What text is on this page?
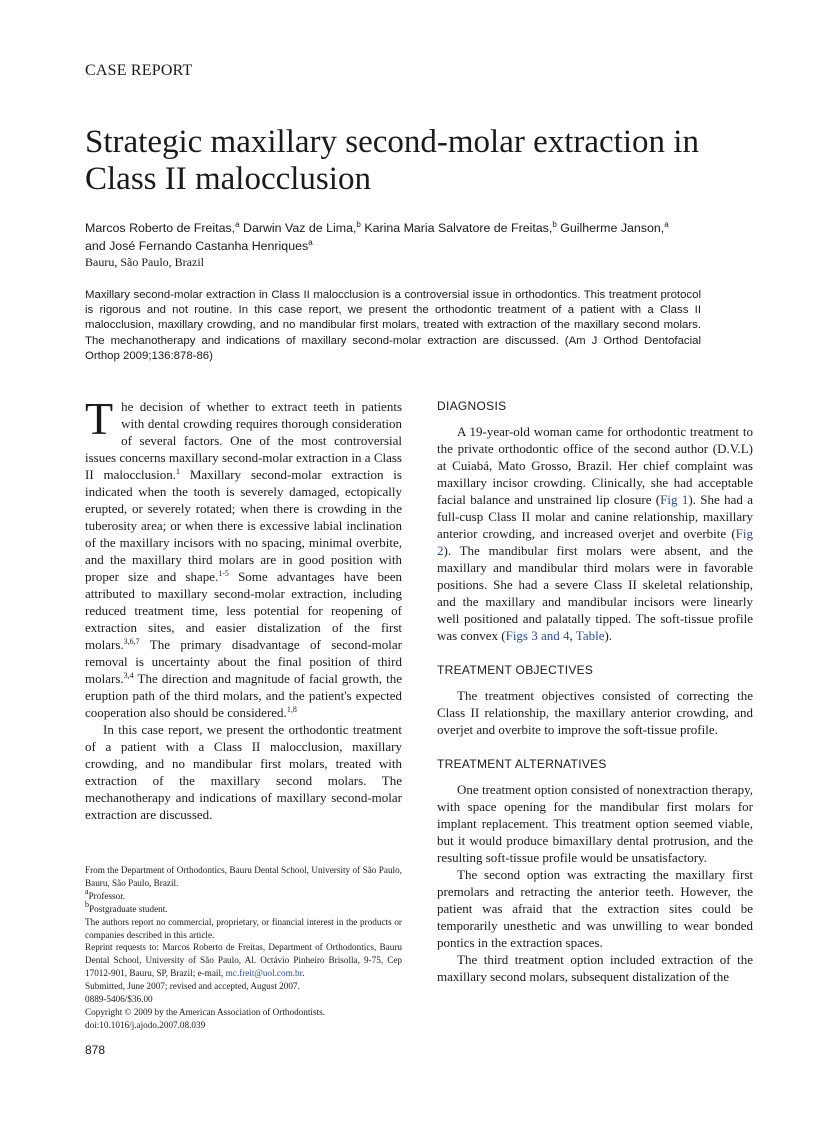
CASE REPORT
Strategic maxillary second-molar extraction in Class II malocclusion
Marcos Roberto de Freitas,$^a$ Darwin Vaz de Lima,$^b$ Karina Maria Salvatore de Freitas,$^b$ Guilherme Janson,$^a$
and José Fernando Castanha Henriques$^a$
Bauru, São Paulo, Brazil
Maxillary second-molar extraction in Class II malocclusion is a controversial issue in orthodontics. This treatment protocol is rigorous and not routine. In this case report, we present the orthodontic treatment of a patient with a Class II malocclusion, maxillary crowding, and no mandibular first molars, treated with extraction of the maxillary second molars. The mechanotherapy and indications of maxillary second-molar extraction are discussed. (Am J Orthod Dentofacial Orthop 2009;136:878-86)

The decision of whether to extract teeth in patients with dental crowding requires thorough consideration of several factors. One of the most controversial issues concerns maxillary second-molar extraction in a Class II malocclusion.$^1$ Maxillary second-molar extraction is indicated when the tooth is severely damaged, ectopically erupted, or severely rotated; when there is crowding in the tuberosity area; or when there is excessive labial inclination of the maxillary incisors with no spacing, minimal overbite, and the maxillary third molars are in good position with proper size and shape.$^{1-5}$ Some advantages have been attributed to maxillary second-molar extraction, including reduced treatment time, less potential for reopening of extraction sites, and easier distalization of the first molars.$^{3,6,7}$ The primary disadvantage of second-molar removal is uncertainty about the final position of third molars.$^{3,4}$ The direction and magnitude of facial growth, the eruption path of the third molars, and the patient's expected cooperation also should be considered.$^{1,8}$

In this case report, we present the orthodontic treatment of a patient with a Class II malocclusion, maxillary crowding, and no mandibular first molars, treated with extraction of the maxillary second molars. The mechanotherapy and indications of maxillary second-molar extraction are discussed.

From the Department of Orthodontics, Bauru Dental School, University of São Paulo, Bauru, São Paulo, Brazil.
$^a$Professor.
$^b$Postgraduate student.
The authors report no commercial, proprietary, or financial interest in the products or companies described in this article.
Reprint requests to: Marcos Roberto de Freitas, Department of Orthodontics, Bauru Dental School, University of São Paulo, Al. Octávio Pinheiro Brisolla, 9-75, Cep 17012-901, Bauru, SP, Brazil; e-mail, mc.freit@uol.com.br.
Submitted, June 2007; revised and accepted, August 2007.
0889-5406/$36.00
Copyright © 2009 by the American Association of Orthodontists.
doi:10.1016/j.ajodo.2007.08.039
878
DIAGNOSIS

A 19-year-old woman came for orthodontic treatment to the private orthodontic office of the second author (D.V.L) at Cuiabá, Mato Grosso, Brazil. Her chief complaint was maxillary incisor crowding. Clinically, she had acceptable facial balance and unstrained lip closure (Fig 1). She had a full-cusp Class II molar and canine relationship, maxillary anterior crowding, and increased overjet and overbite (Fig 2). The mandibular first molars were absent, and the maxillary and mandibular third molars were in favorable positions. She had a severe Class II skeletal relationship, and the maxillary and mandibular incisors were linearly well positioned and palatally tipped. The soft-tissue profile was convex (Figs 3 and 4, Table).

TREATMENT OBJECTIVES

The treatment objectives consisted of correcting the Class II relationship, the maxillary anterior crowding, and overjet and overbite to improve the soft-tissue profile.

TREATMENT ALTERNATIVES

One treatment option consisted of nonextraction therapy, with space opening for the mandibular first molars for implant replacement. This treatment option seemed viable, but it would produce bimaxillary dental protrusion, and the resulting soft-tissue profile would be unsatisfactory.

The second option was extracting the maxillary first premolars and retracting the anterior teeth. However, the patient was afraid that the extraction sites could be temporarily unesthetic and was unwilling to wear bonded pontics in the extraction spaces.

The third treatment option included extraction of the maxillary second molars, subsequent distalization of the
